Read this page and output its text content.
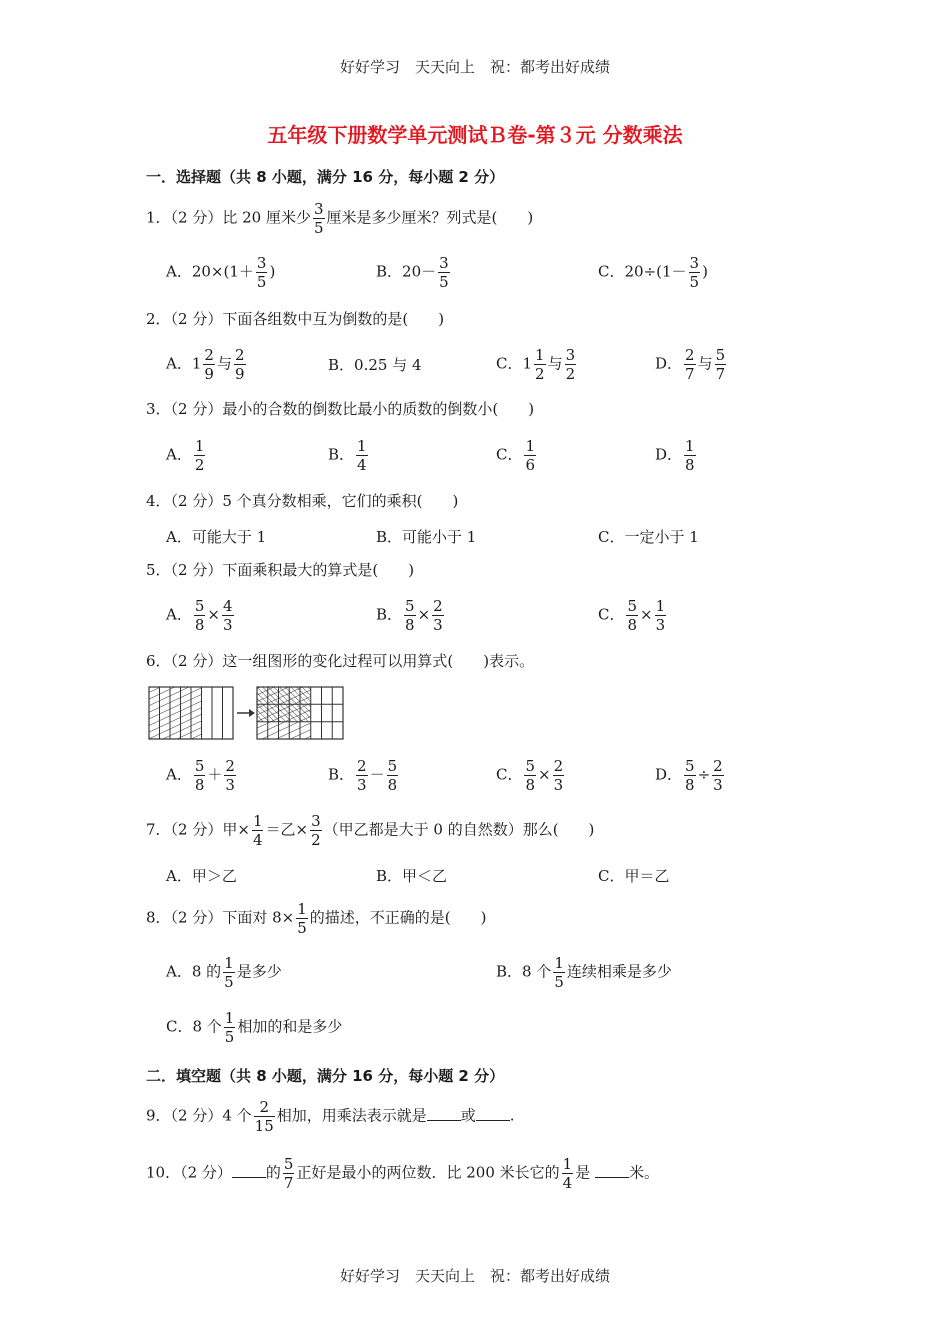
好好学习　天天向上　祝：都考出好成绩
五年级下册数学单元测试Ｂ卷-第３元 分数乘法
一．选择题（共 8 小题，满分 16 分，每小题 2 分）
1．（2 分）比 20 厘米少 $\frac{3}{5}$ 厘米是多少厘米？列式是(　　)
A．$20\times(1+ \frac{3}{5}$ )	B．$20- \frac{3}{5}$	C．$20\div(1- \frac{3}{5}$ )
2．（2 分）下面各组数中互为倒数的是(　　)
A．$1 \frac{2}{9}$ 与 $\frac{2}{9}$	B．0.25 与 4	C．$1 \frac{1}{2}$ 与 $\frac{3}{2}$	D． $\frac{2}{7}$ 与 $\frac{5}{7}$
3．（2 分）最小的合数的倒数比最小的质数的倒数小(　　)
A． $\frac{1}{2}$	B． $\frac{1}{4}$	C． $\frac{1}{6}$	D． $\frac{1}{8}$
4．（2 分）5 个真分数相乘，它们的乘积(　　)
A．可能大于 1	B．可能小于 1	C．一定小于 1
5．（2 分）下面乘积最大的算式是(　　)
A． $\frac{5}{8} \times \frac{4}{3}$	B． $\frac{5}{8} \times \frac{2}{3}$	C． $\frac{5}{8} \times \frac{1}{3}$
6．（2 分）这一组图形的变化过程可以用算式(　　)表示。
A． $\frac{5}{8} + \frac{2}{3}$	B． $\frac{2}{3} - \frac{5}{8}$	C． $\frac{5}{8} \times \frac{2}{3}$	D． $\frac{5}{8} \div \frac{2}{3}$
7．（2 分）甲× $\frac{1}{4}$ ＝乙× $\frac{3}{2}$ （甲乙都是大于 0 的自然数）那么(　　)
A．甲＞乙	B．甲＜乙	C．甲＝乙
8．（2 分）下面对 $8\times \frac{1}{5}$ 的描述，不正确的是(　　)
A．8 的 $\frac{1}{5}$ 是多少	B．8 个 $\frac{1}{5}$ 连续相乘是多少
C．8 个 $\frac{1}{5}$ 相加的和是多少
二．填空题（共 8 小题，满分 16 分，每小题 2 分）
9．（2 分）4 个 $\frac{2}{15}$ 相加，用乘法表示就是 或 .
10．（2 分） 的 $\frac{5}{7}$ 正好是最小的两位数．比 200 米长它的 $\frac{1}{4}$ 是	米。
好好学习　天天向上　祝：都考出好成绩
